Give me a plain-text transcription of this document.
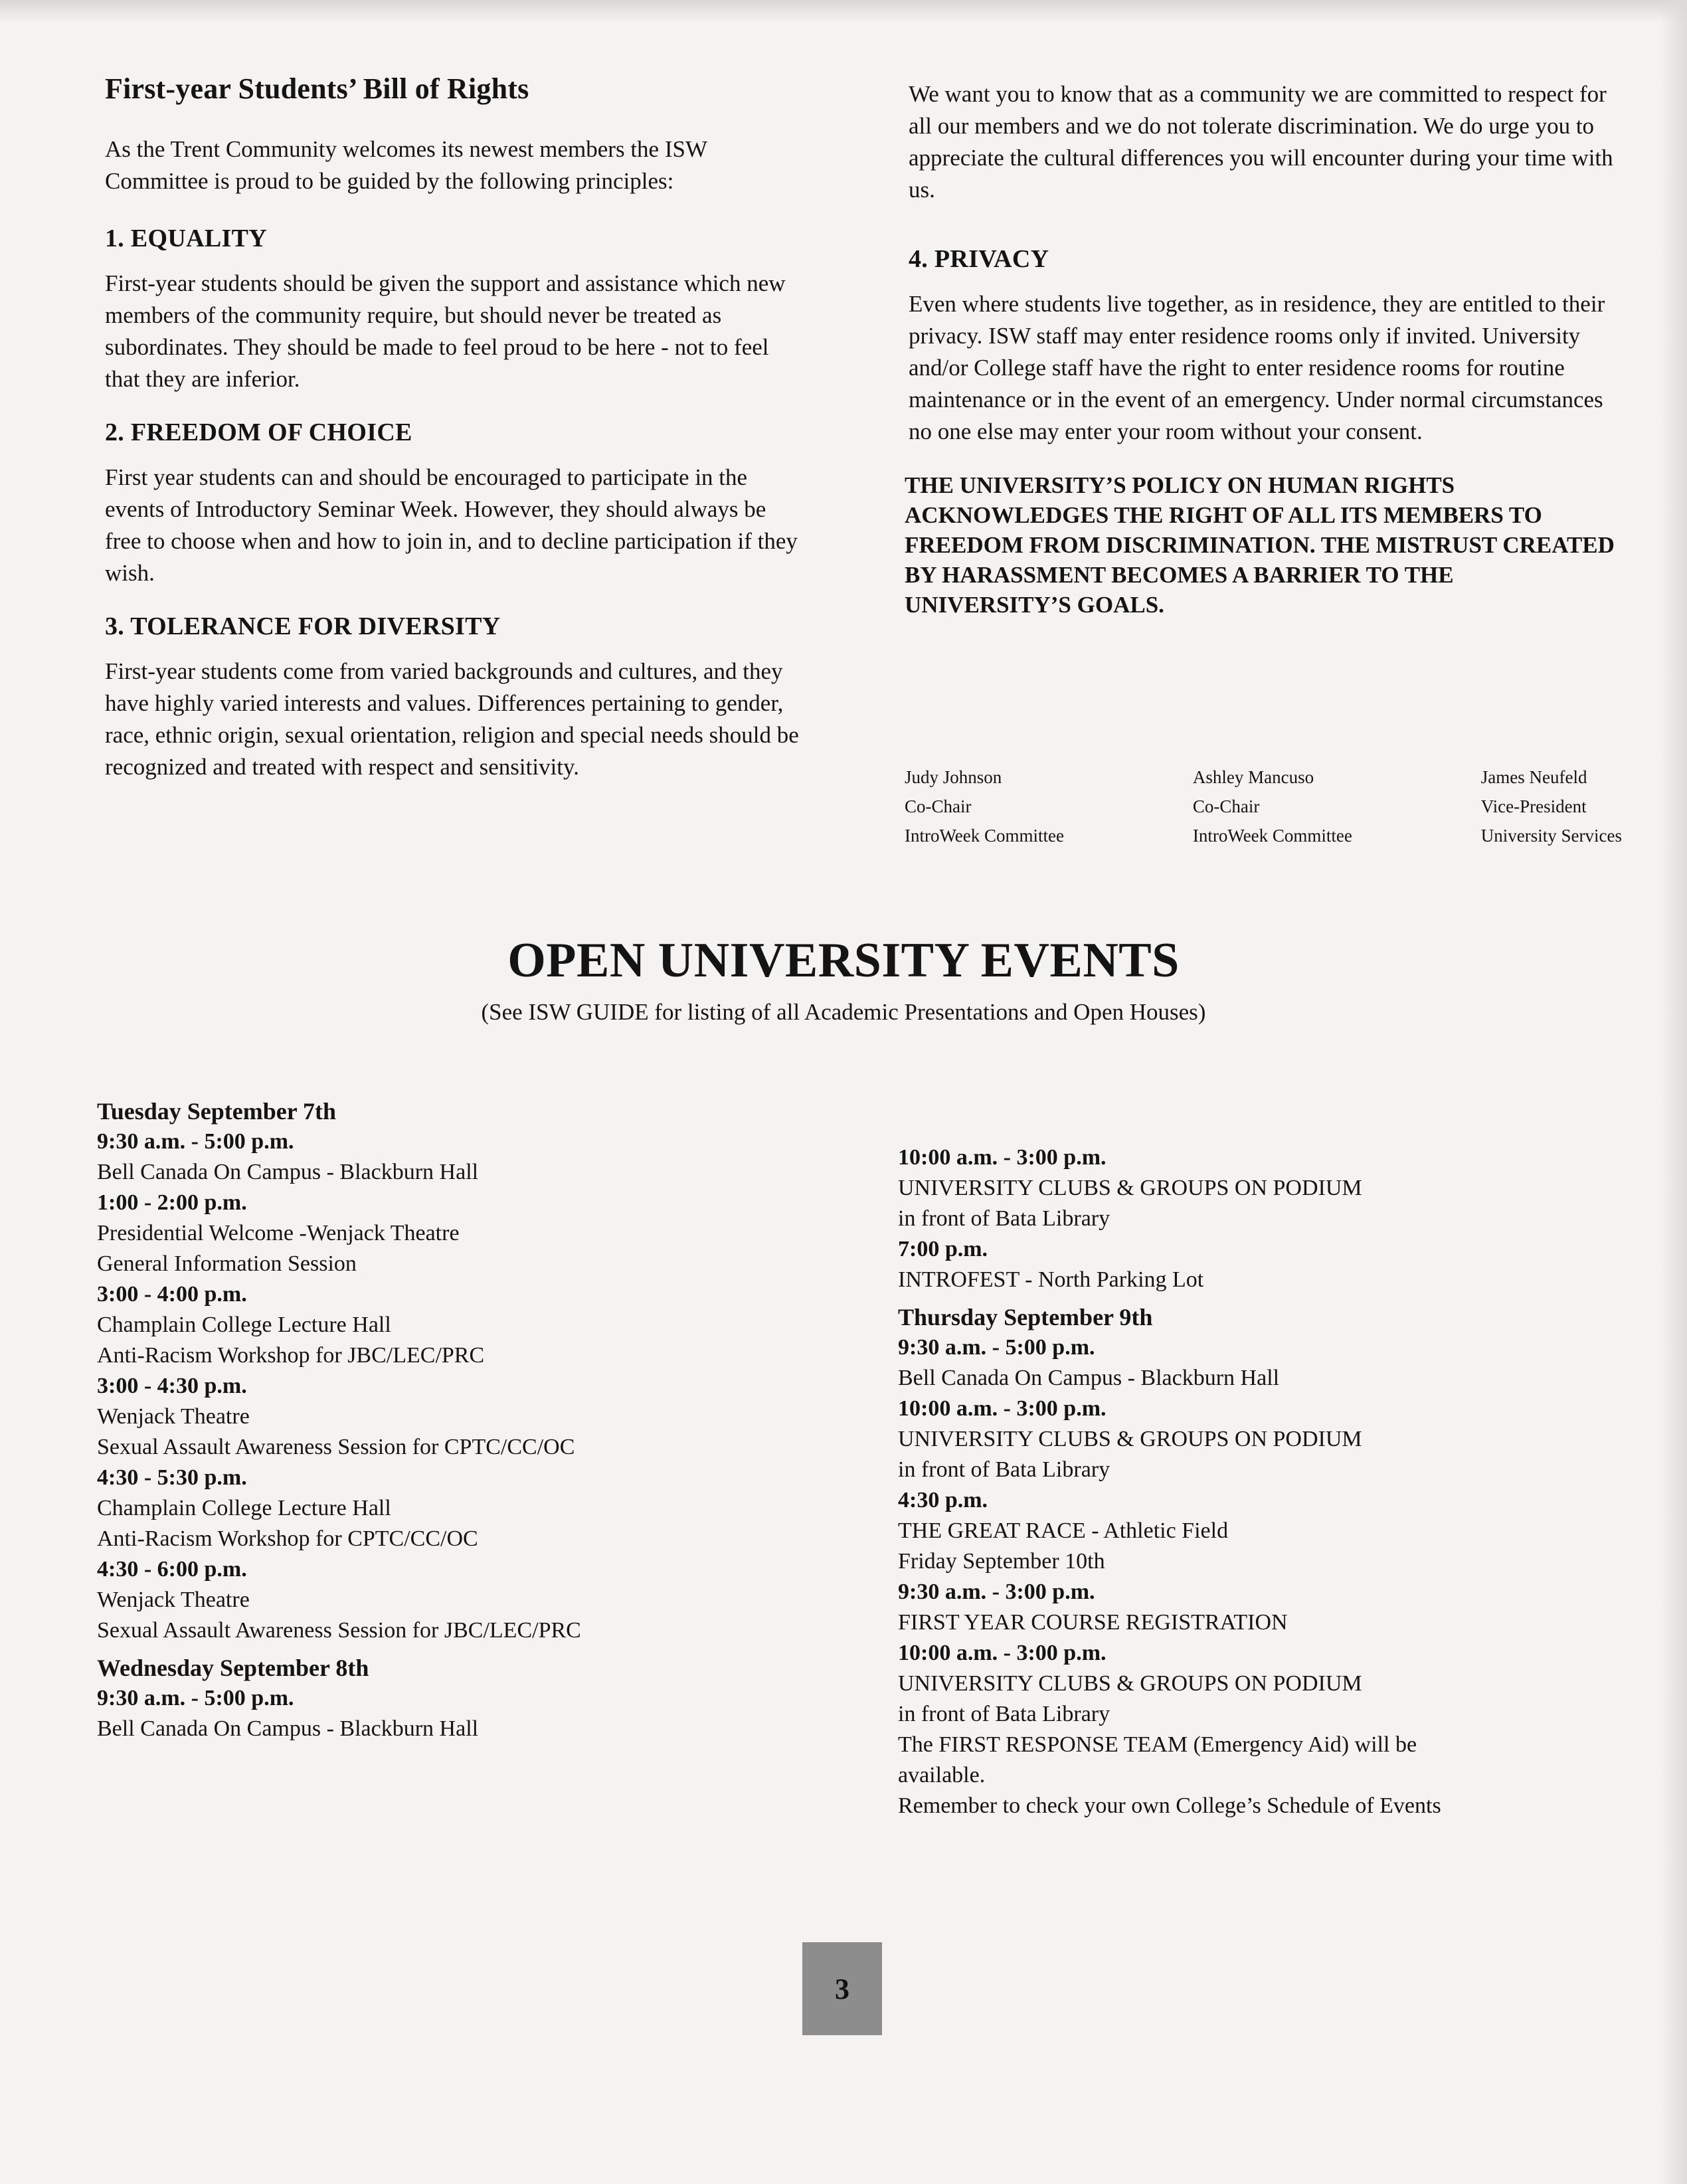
First-year Students’ Bill of Rights
As the Trent Community welcomes its newest members the ISW Committee is proud to be guided by the following principles:
1. EQUALITY
First-year students should be given the support and assistance which new members of the community require, but should never be treated as subordinates. They should be made to feel proud to be here - not to feel that they are inferior.
2. FREEDOM OF CHOICE
First year students can and should be encouraged to participate in the events of Introductory Seminar Week. However, they should always be free to choose when and how to join in, and to decline participation if they wish.
3. TOLERANCE FOR DIVERSITY
First-year students come from varied backgrounds and cultures, and they have highly varied interests and values. Differences pertaining to gender, race, ethnic origin, sexual orientation, religion and special needs should be recognized and treated with respect and sensitivity.
We want you to know that as a community we are committed to respect for all our members and we do not tolerate discrimination. We do urge you to appreciate the cultural differences you will encounter during your time with us.
4. PRIVACY
Even where students live together, as in residence, they are entitled to their privacy. ISW staff may enter residence rooms only if invited. University and/or College staff have the right to enter residence rooms for routine maintenance or in the event of an emergency. Under normal circumstances no one else may enter your room without your consent.
THE UNIVERSITY’S POLICY ON HUMAN RIGHTS ACKNOWLEDGES THE RIGHT OF ALL ITS MEMBERS TO FREEDOM FROM DISCRIMINATION. THE MISTRUST CREATED BY HARASSMENT BECOMES A BARRIER TO THE UNIVERSITY’S GOALS.
Judy Johnson
Co-Chair
IntroWeek Committee
Ashley Mancuso
Co-Chair
IntroWeek Committee
James Neufeld
Vice-President
University Services
OPEN UNIVERSITY EVENTS
(See ISW GUIDE for listing of all Academic Presentations and Open Houses)
Tuesday September 7th
9:30 a.m. - 5:00 p.m.
Bell Canada On Campus - Blackburn Hall
1:00 - 2:00 p.m.
Presidential Welcome -Wenjack Theatre
General Information Session
3:00 - 4:00 p.m.
Champlain College Lecture Hall
Anti-Racism Workshop for JBC/LEC/PRC
3:00 - 4:30 p.m.
Wenjack Theatre
Sexual Assault Awareness Session for CPTC/CC/OC
4:30 - 5:30 p.m.
Champlain College Lecture Hall
Anti-Racism Workshop for CPTC/CC/OC
4:30 - 6:00 p.m.
Wenjack Theatre
Sexual Assault Awareness Session for JBC/LEC/PRC
Wednesday September 8th
9:30 a.m. - 5:00 p.m.
Bell Canada On Campus - Blackburn Hall
10:00 a.m. - 3:00 p.m.
UNIVERSITY CLUBS & GROUPS ON PODIUM
in front of Bata Library
7:00 p.m.
INTROFEST - North Parking Lot
Thursday September 9th
9:30 a.m. - 5:00 p.m.
Bell Canada On Campus - Blackburn Hall
10:00 a.m. - 3:00 p.m.
UNIVERSITY CLUBS & GROUPS ON PODIUM
in front of Bata Library
4:30 p.m.
THE GREAT RACE - Athletic Field
Friday September 10th
9:30 a.m. - 3:00 p.m.
FIRST YEAR COURSE REGISTRATION
10:00 a.m. - 3:00 p.m.
UNIVERSITY CLUBS & GROUPS ON PODIUM
in front of Bata Library
The FIRST RESPONSE TEAM (Emergency Aid) will be
available.
Remember to check your own College’s Schedule of Events
3
